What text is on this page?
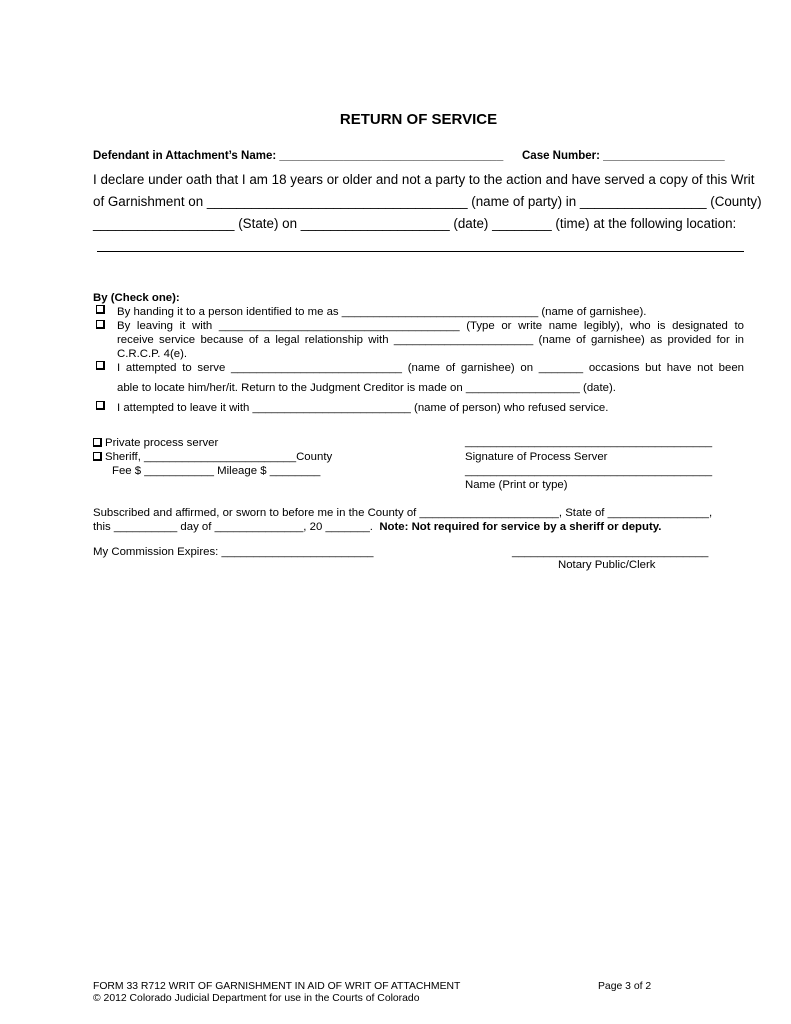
RETURN OF SERVICE
Defendant in Attachment’s Name: ___________________________________ Case Number: ___________________
I declare under oath that I am 18 years or older and not a party to the action and have served a copy of this Writ
of Garnishment on ___________________________________ (name of party) in _________________ (County)
___________________ (State) on ____________________ (date) ________ (time) at the following location:
By (Check one):
By handing it to a person identified to me as _______________________________ (name of garnishee).
By leaving it with ______________________________________ (Type or write name legibly), who is designated to
receive service because of a legal relationship with ______________________ (name of garnishee) as provided for in
C.R.C.P. 4(e).
I attempted to serve ___________________________ (name of garnishee) on _______ occasions but have not been
able to locate him/her/it. Return to the Judgment Creditor is made on __________________ (date).
I attempted to leave it with _________________________ (name of person) who refused service.
Private process server
Sheriff, ________________________County
Fee $ ___________ Mileage $ ________
_______________________________________
Signature of Process Server
_______________________________________
Name (Print or type)
Subscribed and affirmed, or sworn to before me in the County of ______________________, State of ________________,
this __________ day of ______________, 20 _______. Note: Not required for service by a sheriff or deputy.
My Commission Expires: ________________________	_______________________________
Notary Public/Clerk
FORM 33 R712 WRIT OF GARNISHMENT IN AID OF WRIT OF ATTACHMENT	Page 3 of 2
© 2012 Colorado Judicial Department for use in the Courts of Colorado
